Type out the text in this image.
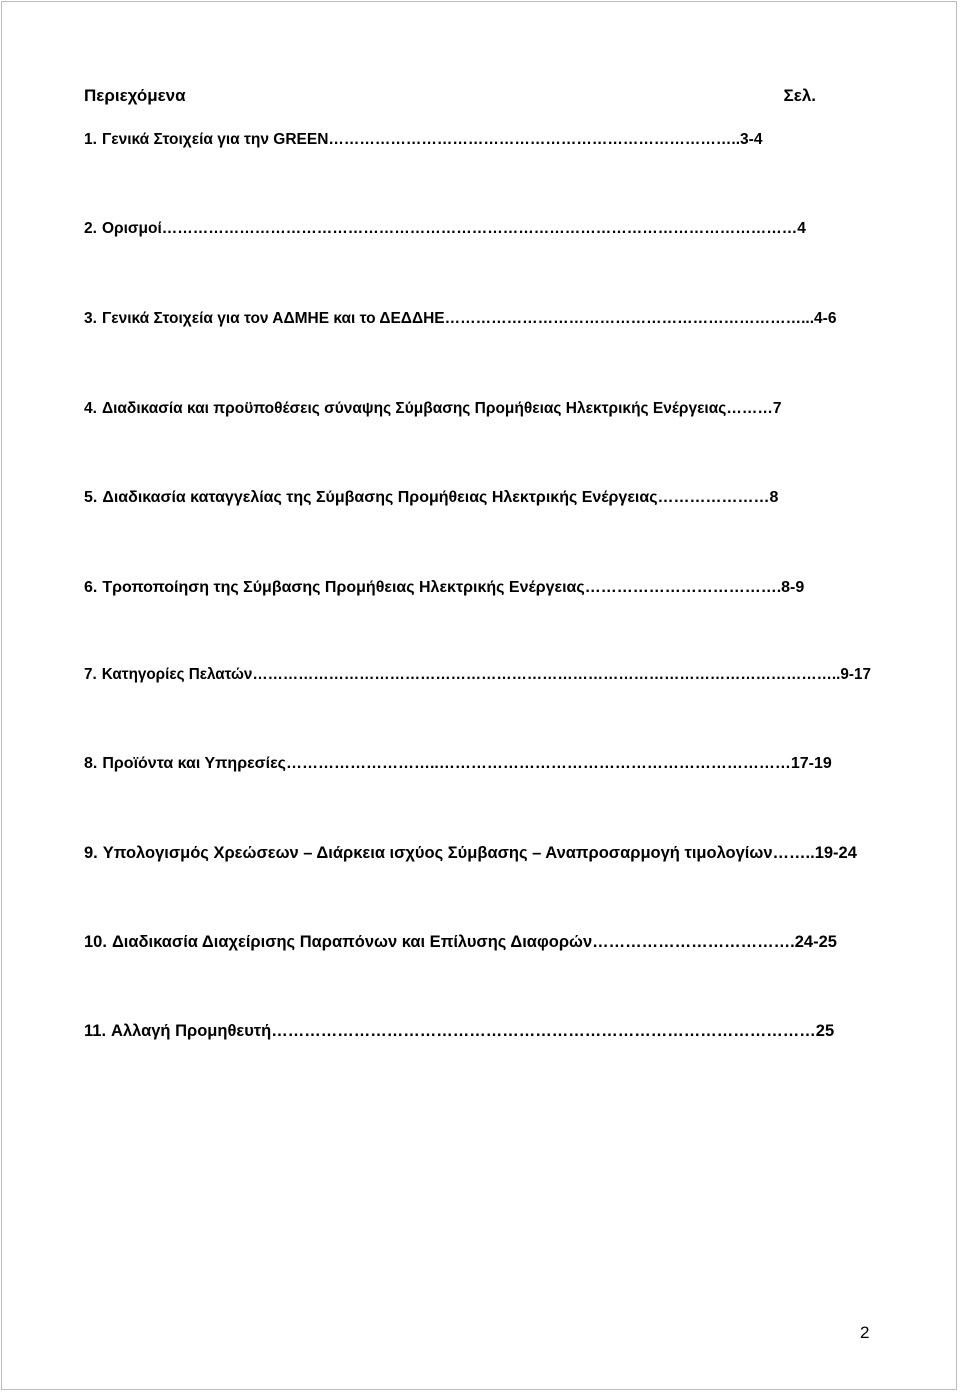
Περιεχόμενα	Σελ.
1. Γενικά Στοιχεία για την GREEN …………………………………………………………………….. 3-4
2. Ορισμοί …………………………………………………………………………………………………………… 4
3. Γενικά Στοιχεία για τον ΑΔΜΗΕ και το ΔΕΔΔΗΕ ……………………………………………………………... 4-6
4. Διαδικασία και προϋποθέσεις σύναψης Σύμβασης Προμήθειας Ηλεκτρικής Ενέργειας ……… 7
5. Διαδικασία καταγγελίας της Σύμβασης Προμήθειας Ηλεκτρικής Ενέργειας ………………… 8
6. Τροποποίηση της Σύμβασης Προμήθειας Ηλεκτρικής Ενέργειας ………………………………. 8-9
7. Κατηγορίες Πελατών …………………………………………………………………………………………………….. 9-17
8. Προϊόντα και Υπηρεσίες ………………………..………………………………………………………… 17-19
9. Υπολογισμός Χρεώσεων – Διάρκεια ισχύος Σύμβασης – Αναπροσαρμογή τιμολογίων …….. 19-24
10. Διαδικασία Διαχείρισης Παραπόνων και Επίλυσης Διαφορών ………………………………. 24-25
11. Αλλαγή Προμηθευτή ……………………………………………………………………………………… 25
2
